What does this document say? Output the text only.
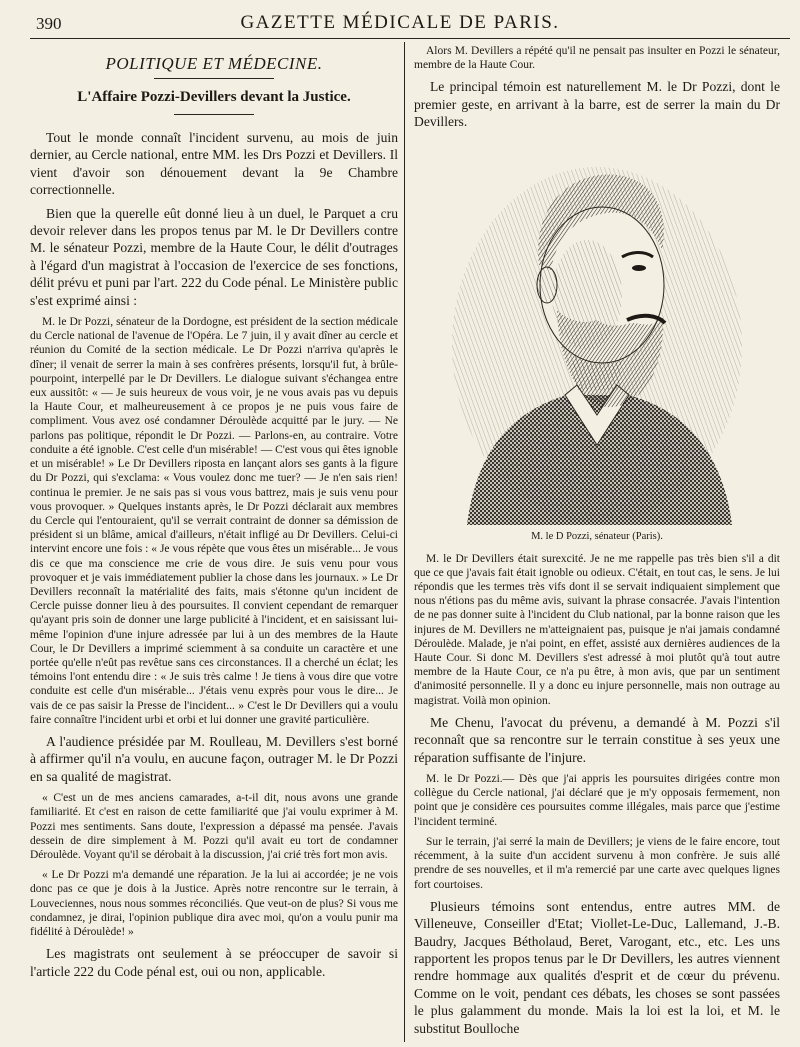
390	GAZETTE MÉDICALE DE PARIS.
POLITIQUE ET MÉDECINE.
L'Affaire Pozzi-Devillers devant la Justice.

Tout le monde connaît l'incident survenu, au mois de juin dernier, au Cercle national, entre MM. les Drs Pozzi et Devillers. Il vient d'avoir son dénouement devant la 9e Chambre correctionnelle.

Bien que la querelle eût donné lieu à un duel, le Parquet a cru devoir relever dans les propos tenus par M. le Dr Devillers contre M. le sénateur Pozzi, membre de la Haute Cour, le délit d'outrages à l'égard d'un magistrat à l'occasion de l'exercice de ses fonctions, délit prévu et puni par l'art. 222 du Code pénal. Le Ministère public s'est exprimé ainsi :

M. le Dr Pozzi, sénateur de la Dordogne, est président de la section médicale du Cercle national de l'avenue de l'Opéra. Le 7 juin, il y avait dîner au cercle et réunion du Comité de la section médicale. Le Dr Pozzi n'arriva qu'après le dîner; il venait de serrer la main à ses confrères présents, lorsqu'il fut, à brûle-pourpoint, interpellé par le Dr Devillers. Le dialogue suivant s'échangea entre eux aussitôt: « — Je suis heureux de vous voir, je ne vous avais pas vu depuis la Haute Cour, et malheureusement à ce propos je ne puis vous faire de compliment. Vous avez osé condamner Déroulède acquitté par le jury. — Ne parlons pas politique, répondit le Dr Pozzi. — Parlons-en, au contraire. Votre conduite a été ignoble. C'est celle d'un misérable! — C'est vous qui êtes ignoble et un misérable! » Le Dr Devillers riposta en lançant alors ses gants à la figure du Dr Pozzi, qui s'exclama: « Vous voulez donc me tuer? — Je n'en sais rien! continua le premier. Je ne sais pas si vous vous battrez, mais je suis venu pour vous provoquer. » Quelques instants après, le Dr Pozzi déclarait aux membres du Cercle qui l'entouraient, qu'il se verrait contraint de donner sa démission de président si un blâme, amical d'ailleurs, n'était infligé au Dr Devillers. Celui-ci intervint encore une fois : « Je vous répète que vous êtes un misérable... Je vous dis ce que ma conscience me crie de vous dire. Je suis venu pour vous provoquer et je vais immédiatement publier la chose dans les journaux. » Le Dr Devillers reconnaît la matérialité des faits, mais s'étonne qu'un incident de Cercle puisse donner lieu à des poursuites. Il convient cependant de remarquer qu'ayant pris soin de donner une large publicité à l'incident, et en saisissant lui-même l'opinion d'une injure adressée par lui à un des membres de la Haute Cour, le Dr Devillers a imprimé sciemment à sa conduite un caractère et une portée qu'elle n'eût pas revêtue sans ces circonstances. Il a cherché un éclat; les témoins l'ont entendu dire : « Je suis très calme ! Je tiens à vous dire que votre conduite est celle d'un misérable... J'étais venu exprès pour vous le dire... Je vais de ce pas saisir la Presse de l'incident... » C'est le Dr Devillers qui a voulu faire connaître l'incident urbi et orbi et lui donner une gravité particulière.

A l'audience présidée par M. Roulleau, M. Devillers s'est borné à affirmer qu'il n'a voulu, en aucune façon, outrager M. le Dr Pozzi en sa qualité de magistrat.

« C'est un de mes anciens camarades, a-t-il dit, nous avons une grande familiarité. Et c'est en raison de cette familiarité que j'ai voulu exprimer à M. Pozzi mes sentiments. Sans doute, l'expression a dépassé ma pensée. J'avais dessein de dire simplement à M. Pozzi qu'il avait eu tort de condamner Déroulède. Voyant qu'il se dérobait à la discussion, j'ai crié très fort mon avis.

« Le Dr Pozzi m'a demandé une réparation. Je la lui ai accordée; je ne vois donc pas ce que je dois à la Justice. Après notre rencontre sur le terrain, à Louveciennes, nous nous sommes réconciliés. Que veut-on de plus? Si vous me condamnez, je dirai, l'opinion publique dira avec moi, qu'on a voulu punir ma fidélité à Déroulède! »

Les magistrats ont seulement à se préoccuper de savoir si l'article 222 du Code pénal est, oui ou non, applicable.

Alors M. Devillers a répété qu'il ne pensait pas insulter en Pozzi le sénateur, membre de la Haute Cour.

Le principal témoin est naturellement M. le Dr Pozzi, dont le premier geste, en arrivant à la barre, est de serrer la main du Dr Devillers.

M. le D Pozzi, sénateur (Paris).

M. le Dr Devillers était surexcité. Je ne me rappelle pas très bien s'il a dit que ce que j'avais fait était ignoble ou odieux. C'était, en tout cas, le sens. Je lui répondis que les termes très vifs dont il se servait indiquaient simplement que nous n'étions pas du même avis, suivant la phrase consacrée. J'avais l'intention de ne pas donner suite à l'incident du Club national, par la bonne raison que les injures de M. Devillers ne m'atteignaient pas, puisque je n'ai jamais condamné Déroulède. Malade, je n'ai point, en effet, assisté aux dernières audiences de la Haute Cour. Si donc M. Devillers s'est adressé à moi plutôt qu'à tout autre membre de la Haute Cour, ce n'a pu être, à mon avis, que par un sentiment d'animosité personnelle. Il y a donc eu injure personnelle, mais non outrage au magistrat. Voilà mon opinion.

Me Chenu, l'avocat du prévenu, a demandé à M. Pozzi s'il reconnaît que sa rencontre sur le terrain constitue à ses yeux une réparation suffisante de l'injure.

M. le Dr Pozzi.— Dès que j'ai appris les poursuites dirigées contre mon collègue du Cercle national, j'ai déclaré que je m'y opposais fermement, non point que je considère ces poursuites comme illégales, mais parce que j'estime l'incident terminé.

Sur le terrain, j'ai serré la main de Devillers; je viens de le faire encore, tout récemment, à la suite d'un accident survenu à mon confrère. Je suis allé prendre de ses nouvelles, et il m'a remercié par une carte avec quelques lignes fort courtoises.

Plusieurs témoins sont entendus, entre autres MM. de Villeneuve, Conseiller d'Etat; Viollet-Le-Duc, Lallemand, J.-B. Baudry, Jacques Bétholaud, Beret, Varogant, etc., etc. Les uns rapportent les propos tenus par le Dr Devillers, les autres viennent rendre hommage aux qualités d'esprit et de cœur du prévenu. Comme on le voit, pendant ces débats, les choses se sont passées le plus galamment du monde. Mais la loi est la loi, et M. le substitut Boulloche
